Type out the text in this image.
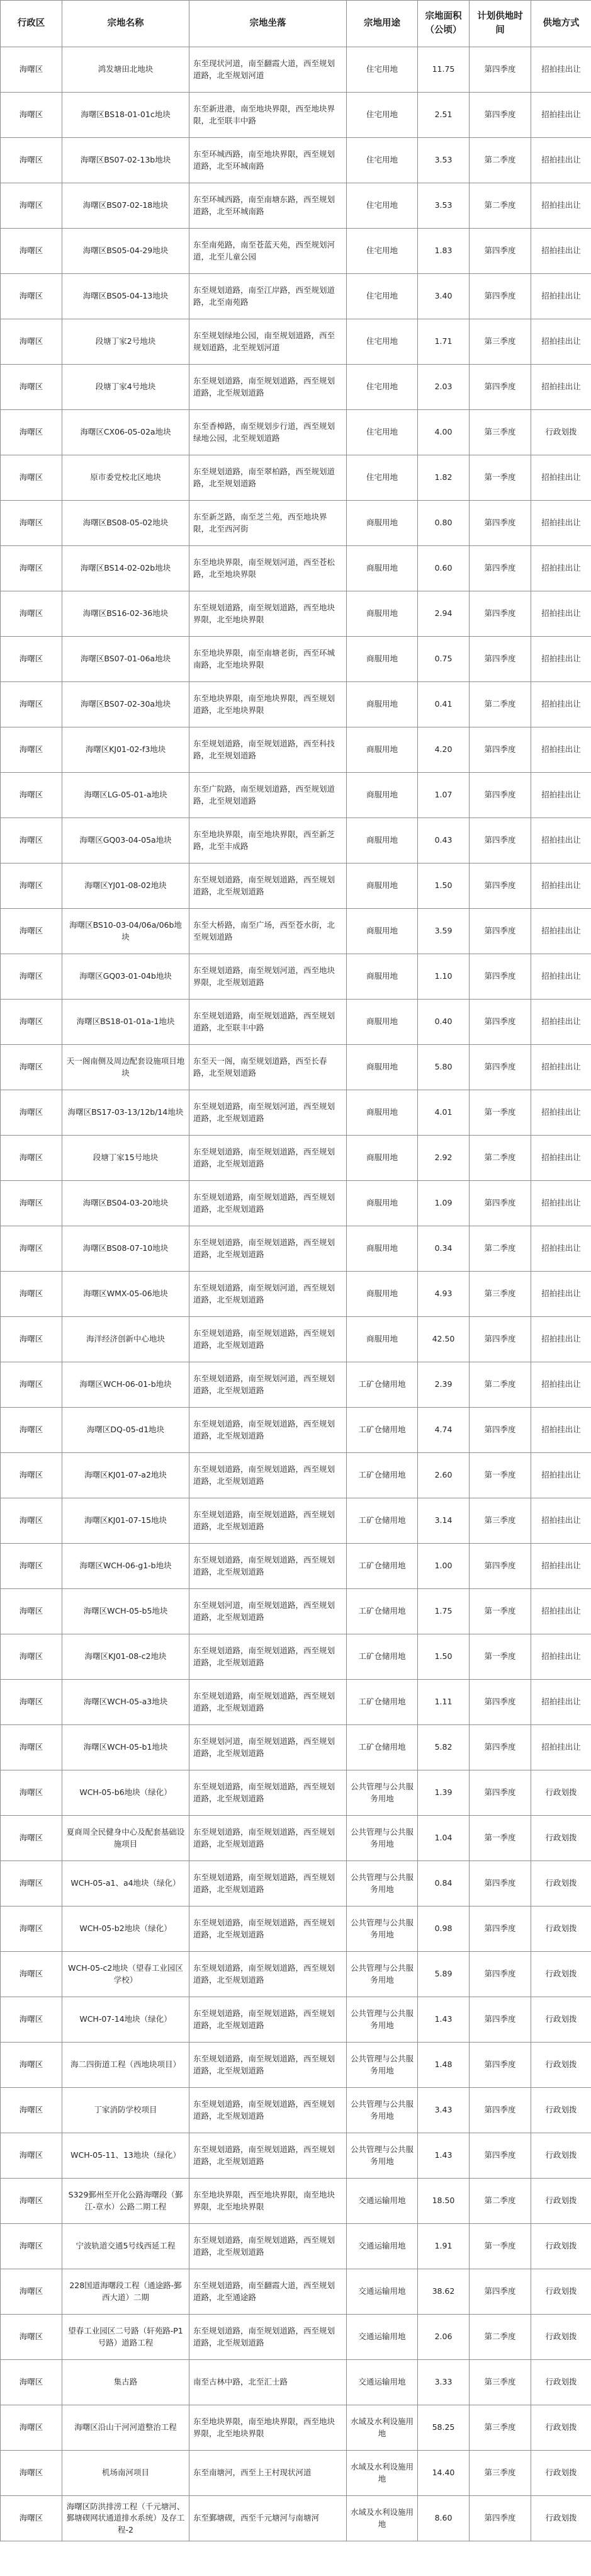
行政区	宗地名称	宗地坐落	宗地用途	宗地面积（公顷）	计划供地时间	供地方式
海曙区	鸿发塘田北地块	东至现状河道，南至翻霞大道，西至规划道路，北至规划河道	住宅用地	11.75	第四季度	招拍挂出让
海曙区	海曙区BS18-01-01c地块	东至新进港，南至地块界限，西至地块界限，北至联丰中路	住宅用地	2.51	第四季度	招拍挂出让
海曙区	海曙区BS07-02-13b地块	东至环城西路，南至地块界限，西至规划道路，北至环城南路	住宅用地	3.53	第二季度	招拍挂出让
海曙区	海曙区BS07-02-18地块	东至环城西路，南至南塘东路，西至规划道路，北至环城南路	住宅用地	3.53	第二季度	招拍挂出让
海曙区	海曙区BS05-04-29地块	东至南苑路，南至苍蓝天苑，西至规划河道，北至儿童公园	住宅用地	1.83	第四季度	招拍挂出让
海曙区	海曙区BS05-04-13地块	东至规划道路，南至江岸路，西至规划道路，北至南苑路	住宅用地	3.40	第四季度	招拍挂出让
海曙区	段塘丁家2号地块	东至规划绿地公园，南至规划道路，西至规划道路，北至规划河道	住宅用地	1.71	第三季度	招拍挂出让
海曙区	段塘丁家4号地块	东至规划道路，南至规划道路，西至规划道路，北至规划道路	住宅用地	2.03	第四季度	招拍挂出让
海曙区	海曙区CX06-05-02a地块	东至香樟路，南至规划步行道，西至规划绿地公园，北至规划道路	住宅用地	4.00	第三季度	行政划拨
海曙区	原市委党校北区地块	东至规划道路，南至翠柏路，西至规划道路，北至规划道路	住宅用地	1.82	第一季度	招拍挂出让
海曙区	海曙区BS08-05-02地块	东至新芝路，南至芝兰苑，西至地块界限，北至西河街	商服用地	0.80	第四季度	招拍挂出让
海曙区	海曙区BS14-02-02b地块	东至地块界限，南至规划河道，西至苍松路，北至地块界限	商服用地	0.60	第四季度	招拍挂出让
海曙区	海曙区BS16-02-36地块	东至规划道路，南至规划道路，西至地块界限，北至地块界限	商服用地	2.94	第四季度	招拍挂出让
海曙区	海曙区BS07-01-06a地块	东至地块界限，南至南塘老街，西至环城南路，北至地块界限	商服用地	0.75	第四季度	招拍挂出让
海曙区	海曙区BS07-02-30a地块	东至地块界限，南至地块界限，西至规划道路，北至地块界限	商服用地	0.41	第二季度	招拍挂出让
海曙区	海曙区KJ01-02-f3地块	东至规划道路，南至规划道路，西至科技路，北至规划道路	商服用地	4.20	第四季度	招拍挂出让
海曙区	海曙区LG-05-01-a地块	东至广院路，南至规划道路，西至规划道路，北至规划道路	商服用地	1.07	第四季度	招拍挂出让
海曙区	海曙区GQ03-04-05a地块	东至地块界限，南至地块界限，西至新芝路，北至丰成路	商服用地	0.43	第四季度	招拍挂出让
海曙区	海曙区YJ01-08-02地块	东至规划道路，南至规划道路，西至规划道路，北至规划道路	商服用地	1.50	第四季度	招拍挂出让
海曙区	海曙区BS10-03-04/06a/06b地块	东至大桥路，南至广场，西至苍水街，北至规划道路	商服用地	3.59	第四季度	招拍挂出让
海曙区	海曙区GQ03-01-04b地块	东至规划道路，南至规划河道，西至地块界限，北至规划道路	商服用地	1.10	第四季度	招拍挂出让
海曙区	海曙区BS18-01-01a-1地块	东至规划道路，南至规划道路，西至规划道路，北至联丰中路	商服用地	0.40	第四季度	招拍挂出让
海曙区	天一阁南侧及周边配套设施项目地块	东至天一阁，南至规划道路，西至长春路，北至规划道路	商服用地	5.80	第四季度	招拍挂出让
海曙区	海曙区BS17-03-13/12b/14地块	东至规划道路，南至规划河道，西至规划道路，北至规划道路	商服用地	4.01	第一季度	招拍挂出让
海曙区	段塘丁家15号地块	东至规划道路，南至规划道路，西至规划道路，北至规划道路	商服用地	2.92	第二季度	招拍挂出让
海曙区	海曙区BS04-03-20地块	东至规划道路，南至规划道路，西至规划道路，北至规划道路	商服用地	1.09	第四季度	招拍挂出让
海曙区	海曙区BS08-07-10地块	东至规划道路，南至规划道路，西至规划道路，北至规划道路	商服用地	0.34	第二季度	招拍挂出让
海曙区	海曙区WMX-05-06地块	东至规划道路，南至规划河道，西至规划道路，北至规划道路	商服用地	4.93	第三季度	招拍挂出让
海曙区	海洋经济创新中心地块	东至规划道路，南至规划道路，西至规划道路，北至规划道路	商服用地	42.50	第四季度	招拍挂出让
海曙区	海曙区WCH-06-01-b地块	东至规划道路，南至规划河道，西至规划道路，北至规划道路	工矿仓储用地	2.39	第二季度	招拍挂出让
海曙区	海曙区DQ-05-d1地块	东至规划道路，南至规划道路，西至规划道路，北至规划道路	工矿仓储用地	4.74	第四季度	招拍挂出让
海曙区	海曙区KJ01-07-a2地块	东至规划道路，南至规划道路，西至规划道路，北至规划道路	工矿仓储用地	2.60	第一季度	招拍挂出让
海曙区	海曙区KJ01-07-15地块	东至规划道路，南至规划道路，西至规划道路，北至规划道路	工矿仓储用地	3.14	第三季度	招拍挂出让
海曙区	海曙区WCH-06-g1-b地块	东至规划道路，南至规划道路，西至规划道路，北至规划道路	工矿仓储用地	1.00	第四季度	招拍挂出让
海曙区	海曙区WCH-05-b5地块	东至规划河道，南至规划道路，西至规划道路，北至规划道路	工矿仓储用地	1.75	第一季度	招拍挂出让
海曙区	海曙区KJ01-08-c2地块	东至规划道路，南至规划道路，西至规划道路，北至规划道路	工矿仓储用地	1.50	第一季度	招拍挂出让
海曙区	海曙区WCH-05-a3地块	东至规划道路，南至规划道路，西至规划道路，北至规划道路	工矿仓储用地	1.11	第四季度	招拍挂出让
海曙区	海曙区WCH-05-b1地块	东至规划河道，南至规划道路，西至规划道路，北至规划道路	工矿仓储用地	5.82	第四季度	招拍挂出让
海曙区	WCH-05-b6地块（绿化）	东至规划道路，南至规划道路，西至规划道路，北至规划道路	公共管理与公共服务用地	1.39	第四季度	行政划拨
海曙区	夏商周全民健身中心及配套基础设施项目	东至规划道路，南至规划道路，西至规划道路，北至规划道路	公共管理与公共服务用地	1.04	第一季度	行政划拨
海曙区	WCH-05-a1、a4地块（绿化）	东至规划道路，南至规划道路，西至规划道路，北至规划道路	公共管理与公共服务用地	0.84	第四季度	行政划拨
海曙区	WCH-05-b2地块（绿化）	东至规划道路，南至规划道路，西至规划道路，北至规划道路	公共管理与公共服务用地	0.98	第四季度	行政划拨
海曙区	WCH-05-c2地块（望春工业园区学校）	东至规划道路，南至规划道路，西至规划道路，北至规划道路	公共管理与公共服务用地	5.89	第四季度	行政划拨
海曙区	WCH-07-14地块（绿化）	东至规划道路，南至规划道路，西至规划道路，北至规划道路	公共管理与公共服务用地	1.43	第四季度	行政划拨
海曙区	海二四街道工程（西地块项目）	东至规划道路，南至规划道路，西至规划道路，北至规划道路	公共管理与公共服务用地	1.48	第四季度	行政划拨
海曙区	丁家消防学校项目	东至规划道路，南至规划道路，西至规划道路，北至规划道路	公共管理与公共服务用地	3.43	第四季度	行政划拨
海曙区	WCH-05-11、13地块（绿化）	东至规划道路，南至规划道路，西至规划道路，北至规划道路	公共管理与公共服务用地	1.43	第四季度	行政划拨
海曙区	S329鄞州至开化公路海曙段（鄞江-章水）公路二期工程	东至地块界限，西至地块界限，南至地块界限，北至地块界限	交通运输用地	18.50	第二季度	行政划拨
海曙区	宁波轨道交通5号线西延工程	东至规划道路，南至规划道路，西至规划道路，北至规划道路	交通运输用地	1.91	第一季度	行政划拨
海曙区	228国道海曙段工程（通途路-鄞西大道）二期	东至规划道路，南至翻霞大道，西至规划道路，北至通途路	交通运输用地	38.62	第四季度	行政划拨
海曙区	望春工业园区二号路（轩苑路-P1号路）道路工程	东至规划道路，南至规划道路，西至规划道路，北至规划道路	交通运输用地	2.06	第二季度	行政划拨
海曙区	集古路	南至古林中路，北至汇士路	交通运输用地	3.33	第三季度	行政划拨
海曙区	海曙区沿山干河河道整治工程	东至地块界限，南至地块界限，西至地块界限，北至地块界限	水域及水利设施用地	58.25	第三季度	行政划拨
海曙区	机场南河项目	东至南塘河，西至上王村现状河道	水域及水利设施用地	14.40	第三季度	行政划拨
海曙区	海曙区防洪排涝工程（千元塘河、鄞塘碶网状通道排水系统）及存工程-2	东至鄞塘碶，西至千元塘河与南塘河	水域及水利设施用地	8.60	第四季度	行政划拨
